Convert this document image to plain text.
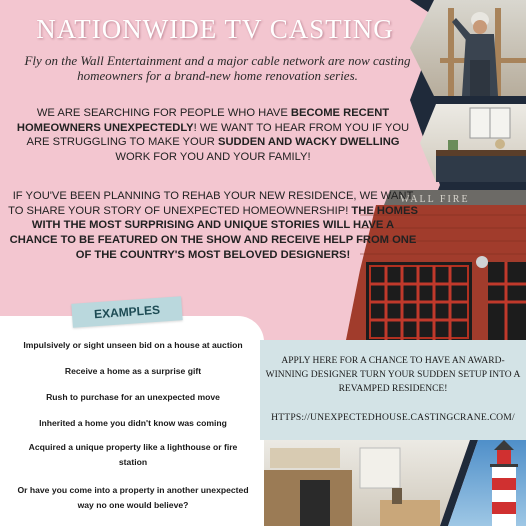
WALL FIRE
NATIONWIDE TV CASTING
Fly on the Wall Entertainment and a major cable network are now casting
homeowners for a brand-new home renovation series.
WE ARE SEARCHING FOR PEOPLE WHO HAVE BECOME RECENT HOMEOWNERS UNEXPECTEDLY! WE WANT TO HEAR FROM YOU IF YOU ARE STRUGGLING TO MAKE YOUR SUDDEN AND WACKY DWELLING WORK FOR YOU AND YOUR FAMILY!
IF YOU'VE BEEN PLANNING TO REHAB YOUR NEW RESIDENCE, WE WANT TO SHARE YOUR STORY OF UNEXPECTED HOMEOWNERSHIP! THE HOMES WITH THE MOST SURPRISING AND UNIQUE STORIES WILL HAVE A CHANCE TO BE FEATURED ON THE SHOW AND RECEIVE HELP FROM ONE OF THE COUNTRY'S MOST BELOVED DESIGNERS!
EXAMPLES
Impulsively or sight unseen bid on a house at auction
Receive a home as a surprise gift
Rush to purchase for an unexpected move
Inherited a home you didn't know was coming
Acquired a unique property like a lighthouse or fire
station
Or have you come into a property in another unexpected
way no one would believe?
APPLY HERE FOR A CHANCE TO HAVE AN AWARD-
WINNING DESIGNER TURN YOUR SUDDEN SETUP INTO A
REVAMPED RESIDENCE!
HTTPS://UNEXPECTEDHOUSE.CASTINGCRANE.COM/
